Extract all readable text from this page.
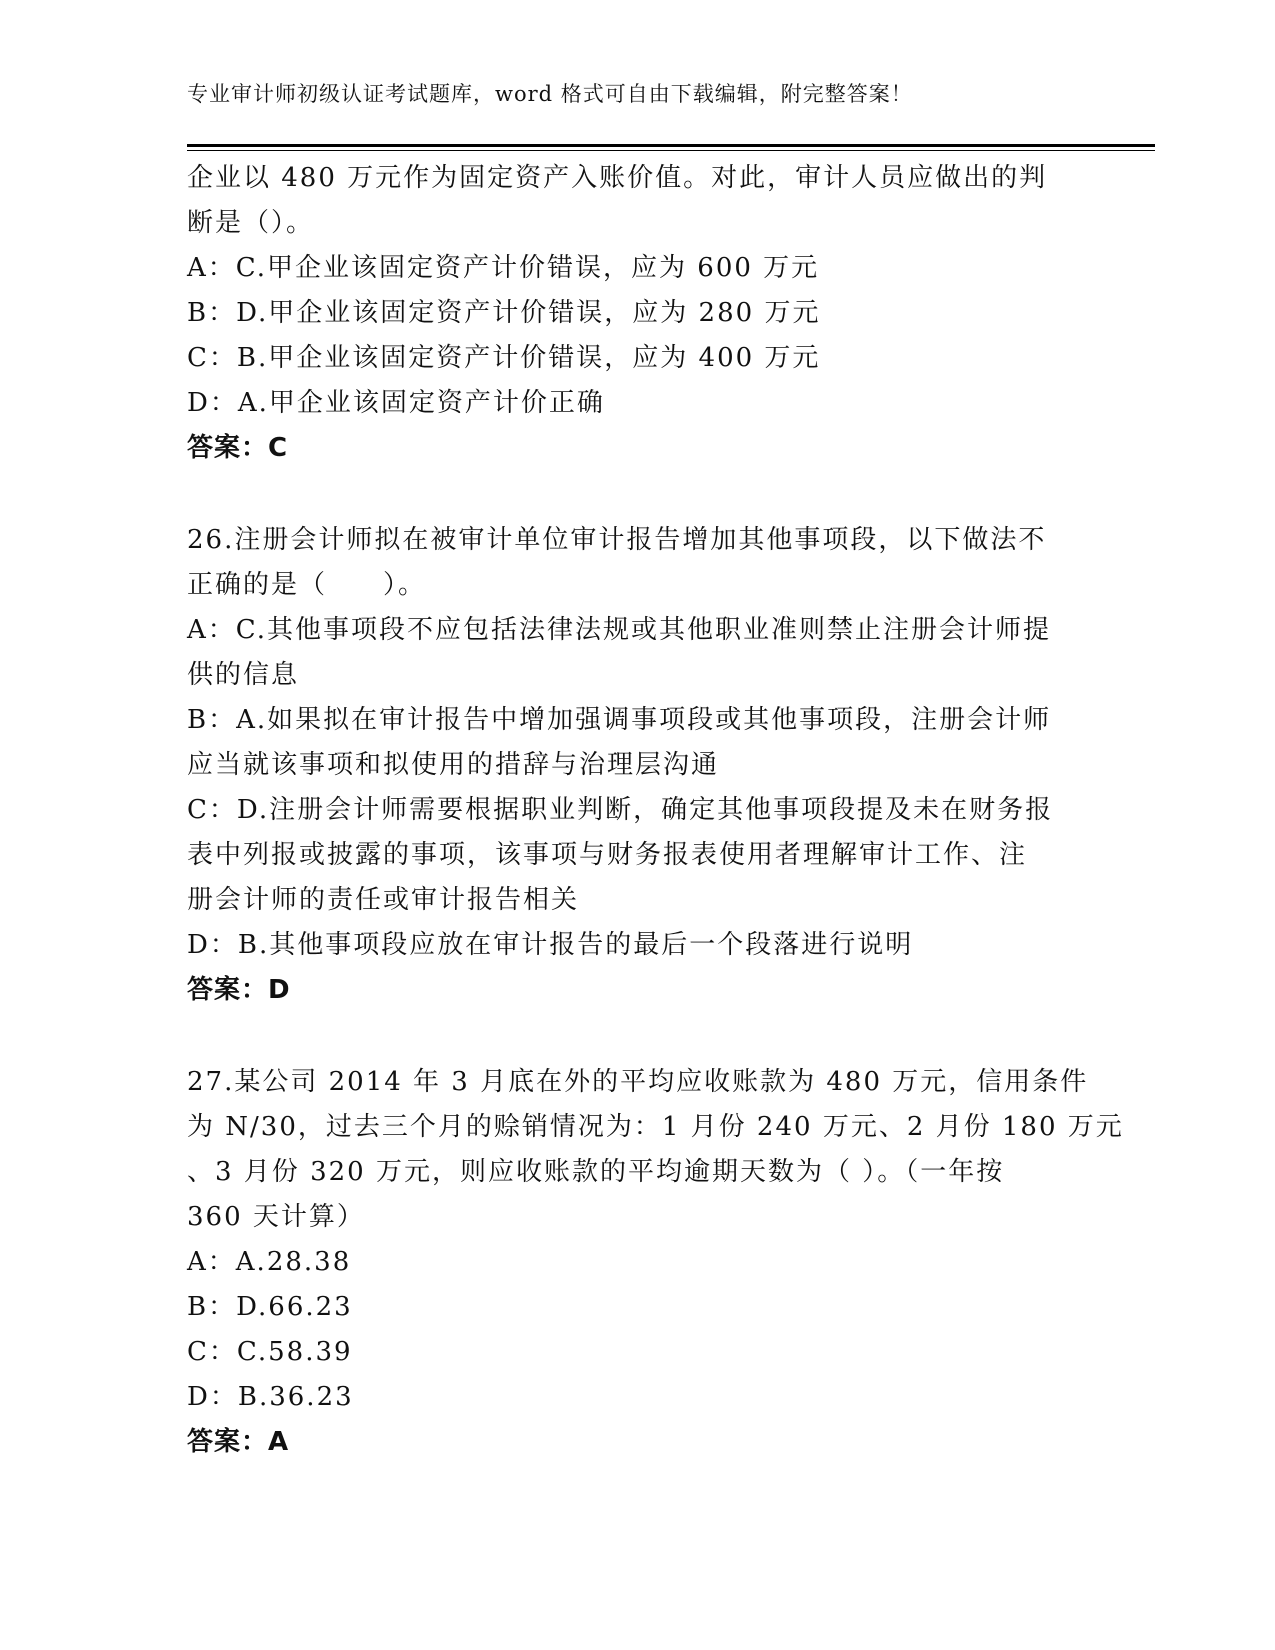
专业审计师初级认证考试题库，word 格式可自由下载编辑，附完整答案！
企业以 480 万元作为固定资产入账价值。对此，审计人员应做出的判
断是（）。
A：C.甲企业该固定资产计价错误，应为 600 万元
B：D.甲企业该固定资产计价错误，应为 280 万元
C：B.甲企业该固定资产计价错误，应为 400 万元
D：A.甲企业该固定资产计价正确
答案：C
26.注册会计师拟在被审计单位审计报告增加其他事项段，以下做法不
正确的是（　　）。
A：C.其他事项段不应包括法律法规或其他职业准则禁止注册会计师提
供的信息
B：A.如果拟在审计报告中增加强调事项段或其他事项段，注册会计师
应当就该事项和拟使用的措辞与治理层沟通
C：D.注册会计师需要根据职业判断，确定其他事项段提及未在财务报
表中列报或披露的事项，该事项与财务报表使用者理解审计工作、注
册会计师的责任或审计报告相关
D：B.其他事项段应放在审计报告的最后一个段落进行说明
答案：D
27.某公司 2014 年 3 月底在外的平均应收账款为 480 万元，信用条件
为 N/30，过去三个月的赊销情况为：1 月份 240 万元、2 月份 180 万元
、3 月份 320 万元，则应收账款的平均逾期天数为（ ）。（一年按
360 天计算）
A：A.28.38
B：D.66.23
C：C.58.39
D：B.36.23
答案：A
